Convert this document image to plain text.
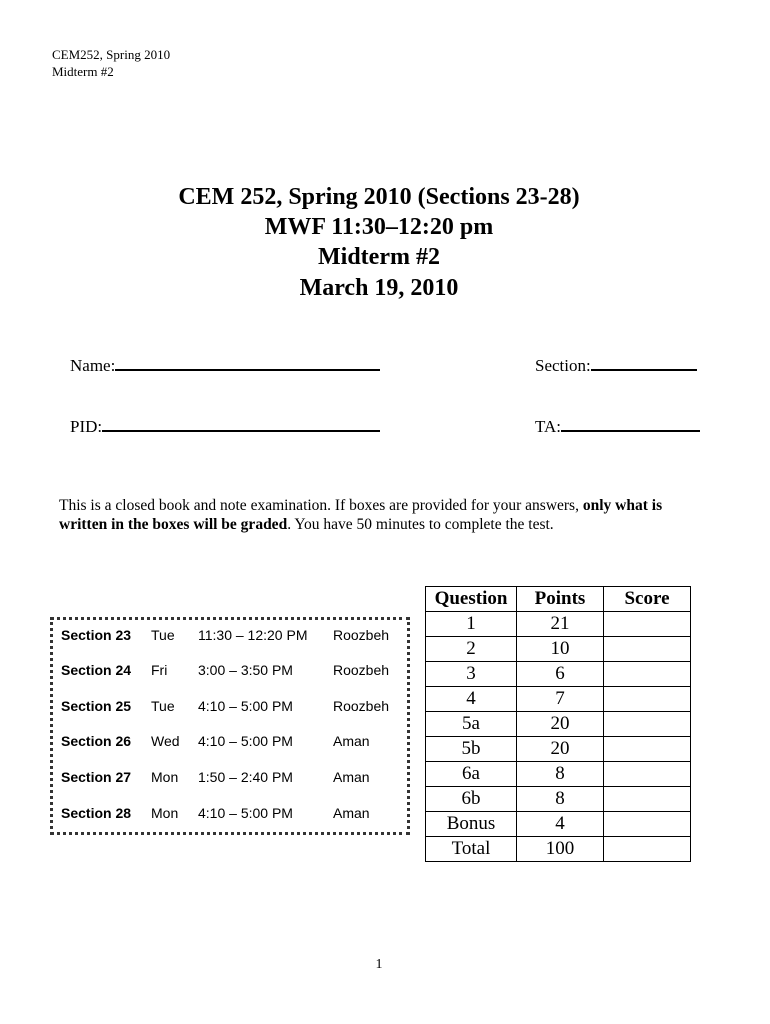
CEM252, Spring 2010
Midterm #2
CEM 252, Spring 2010 (Sections 23-28)
MWF 11:30–12:20 pm
Midterm #2
March 19, 2010
Name:	Section:
PID:	TA:
This is a closed book and note examination. If boxes are provided for your answers, only what is written in the boxes will be graded. You have 50 minutes to complete the test.
Section 23 Tue 11:30 – 12:20 PM Roozbeh
Section 24 Fri 3:00 – 3:50 PM	Roozbeh
Section 25 Tue 4:10 – 5:00 PM	Roozbeh
Section 26 Wed 4:10 – 5:00 PM	Aman
Section 27 Mon 1:50 – 2:40 PM	Aman
Section 28 Mon 4:10 – 5:00 PM	Aman
Question	Points	Score
1	21	
2	10	
3	6	
4	7	
5a	20	
5b	20	
6a	8	
6b	8	
Bonus	4	
Total	100	
1
